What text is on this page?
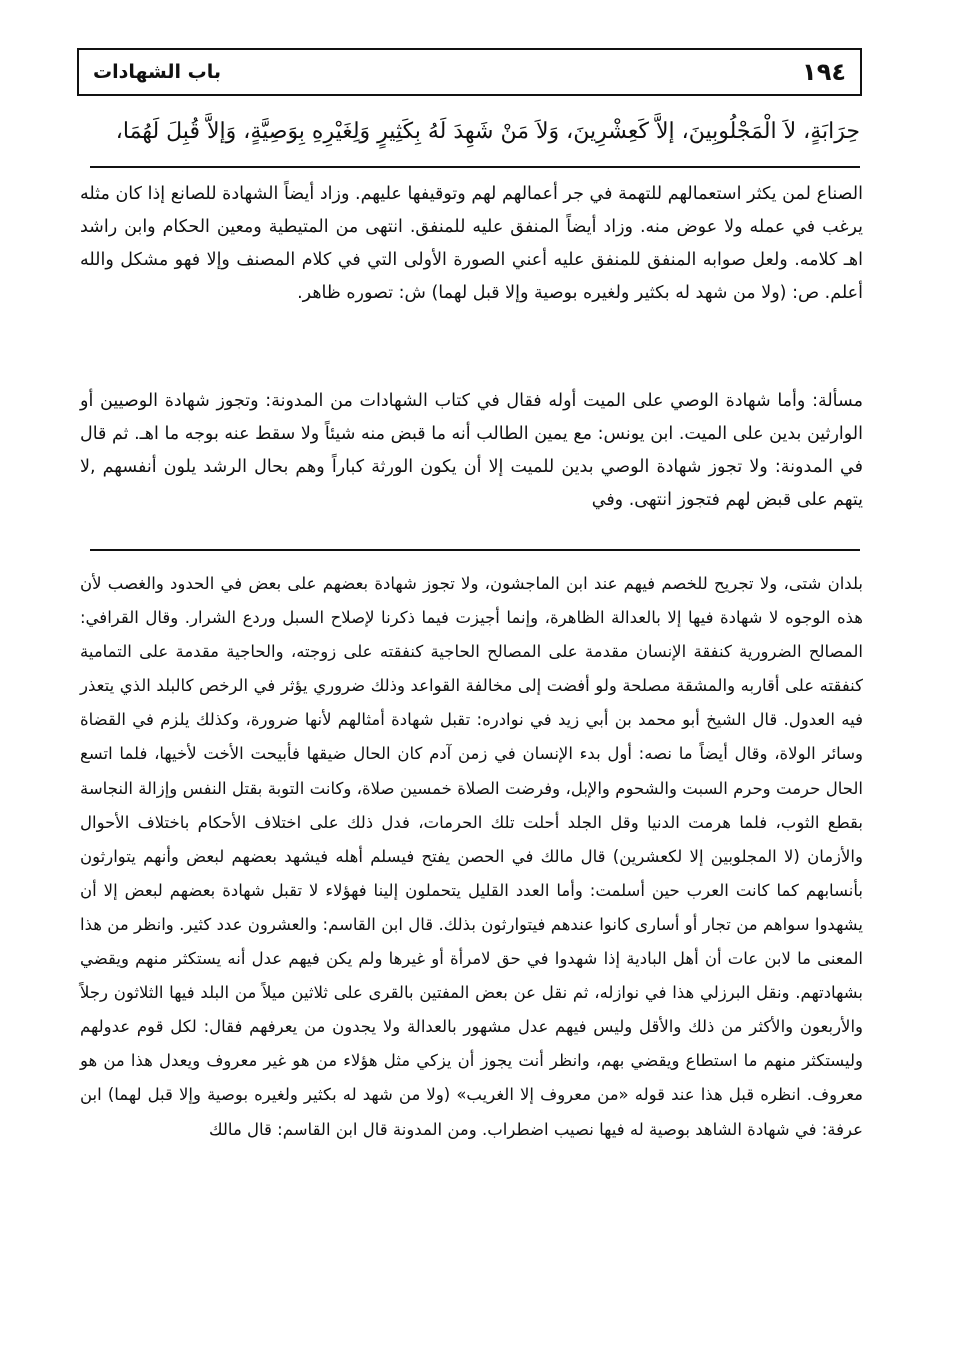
١٩٤
باب الشهادات

حِرَابَةٍ، لاَ الْمَجْلُوبِينَ، إلاَّ كَعِشْرِينَ، وَلاَ مَنْ شَهِدَ لَهُ بِكَثِيرٍ وَلِغَيْرِهِ بِوَصِيَّةٍ، وَإلاَّ قُبِلَ لَهُمَا،

الصناع لمن يكثر استعمالهم للتهمة في جر أعمالهم لهم وتوقيفها عليهم. وزاد أيضاً الشهادة للصانع إذا كان مثله يرغب في عمله ولا عوض منه. وزاد أيضاً المنفق عليه للمنفق. انتهى من المتيطية ومعين الحكام وابن راشد اهـ كلامه. ولعل صوابه المنفق للمنفق عليه أعني الصورة الأولى التي في كلام المصنف وإلا فهو مشكل والله أعلم. ص: (ولا من شهد له بكثير ولغيره بوصية وإلا قبل لهما) ش: تصوره ظاهر.

مسألة: وأما شهادة الوصي على الميت أوله فقال في كتاب الشهادات من المدونة: وتجوز شهادة الوصيين أو الوارثين بدين على الميت. ابن يونس: مع يمين الطالب أنه ما قبض منه شيئاً ولا سقط عنه بوجه ما اهـ. ثم قال في المدونة: ولا تجوز شهادة الوصي بدين للميت إلا أن يكون الورثة كباراً وهم بحال الرشد يلون أنفسهم ,لا يتهم على قبض لهم فتجوز انتهى. وفي

بلدان شتى، ولا تجريح للخصم فيهم عند ابن الماجشون، ولا تجوز شهادة بعضهم على بعض في الحدود والغصب لأن هذه الوجوه لا شهادة فيها إلا بالعدالة الظاهرة، وإنما أجيزت فيما ذكرنا لإصلاح السبل وردع الشرار. وقال القرافي: المصالح الضرورية كنفقة الإنسان مقدمة على المصالح الحاجية كنفقته على زوجته، والحاجية مقدمة على التمامية كنفقته على أقاربه والمشقة مصلحة ولو أفضت إلى مخالفة القواعد وذلك ضروري يؤثر في الرخص كالبلد الذي يتعذر فيه العدول. قال الشيخ أبو محمد بن أبي زيد في نوادره: تقبل شهادة أمثالهم لأنها ضرورة، وكذلك يلزم في القضاة وسائر الولاة، وقال أيضاً ما نصه: أول بدء الإنسان في زمن آدم كان الحال ضيقها فأبيحت الأخت لأخيها، فلما اتسع الحال حرمت وحرم السبت والشحوم والإبل، وفرضت الصلاة خمسين صلاة، وكانت التوبة بقتل النفس وإزالة النجاسة بقطع الثوب، فلما هرمت الدنيا وقل الجلد أحلت تلك الحرمات، فدل ذلك على اختلاف الأحكام باختلاف الأحوال والأزمان (لا المجلوبين إلا لكعشرين) قال مالك في الحصن يفتح فيسلم أهله فيشهد بعضهم لبعض وأنهم يتوارثون بأنسابهم كما كانت العرب حين أسلمت: وأما العدد القليل يتحملون إلينا فهؤلاء لا تقبل شهادة بعضهم لبعض إلا أن يشهدوا سواهم من تجار أو أسارى كانوا عندهم فيتوارثون بذلك. قال ابن القاسم: والعشرون عدد كثير. وانظر من هذا المعنى ما لابن عات أن أهل البادية إذا شهدوا في حق لامرأة أو غيرها ولم يكن فيهم عدل أنه يستكثر منهم ويقضي بشهادتهم. ونقل البرزلي هذا في نوازله، ثم نقل عن بعض المفتين بالقرى على ثلاثين ميلاً من البلد فيها الثلاثون رجلاً والأربعون والأكثر من ذلك والأقل وليس فيهم عدل مشهور بالعدالة ولا يجدون من يعرفهم فقال: لكل قوم عدولهم وليستكثر منهم ما استطاع ويقضي بهم، وانظر أنت يجوز أن يزكي مثل هؤلاء من هو غير معروف ويعدل هذا من هو معروف. انظره قبل هذا عند قوله «من معروف إلا الغريب» (ولا من شهد له بكثير ولغيره بوصية وإلا قبل لهما) ابن عرفة: في شهادة الشاهد بوصية له فيها نصيب اضطراب. ومن المدونة قال ابن القاسم: قال مالك
